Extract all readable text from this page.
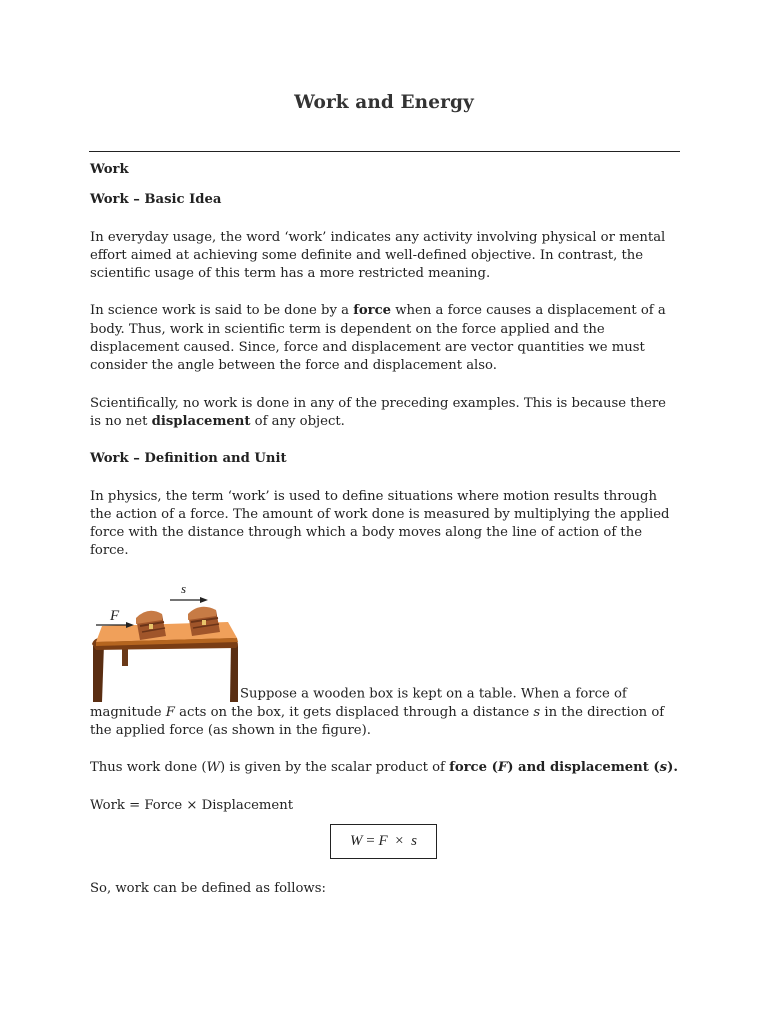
Work and Energy

Work

Work – Basic Idea

In everyday usage, the word ‘work’ indicates any activity involving physical or mental effort aimed at achieving some definite and well-defined objective. In contrast, the scientific usage of this term has a more restricted meaning.

In science work is said to be done by a force when a force causes a displacement of a body. Thus, work in scientific term is dependent on the force applied and the displacement caused. Since, force and displacement are vector quantities we must consider the angle between the force and displacement also.

Scientifically, no work is done in any of the preceding examples. This is because there is no net displacement of any object.

Work – Definition and Unit

In physics, the term ‘work’ is used to define situations where motion results through the action of a force. The amount of work done is measured by multiplying the applied force with the distance through which a body moves along the line of action of the force.

F
s
Suppose a wooden box is kept on a table. When a force of magnitude F acts on the box, it gets displaced through a distance s in the direction of the applied force (as shown in the figure).

Thus work done (W) is given by the scalar product of force (F) and displacement (s).

Work = Force × Displacement

W = F × s

So, work can be defined as follows:
